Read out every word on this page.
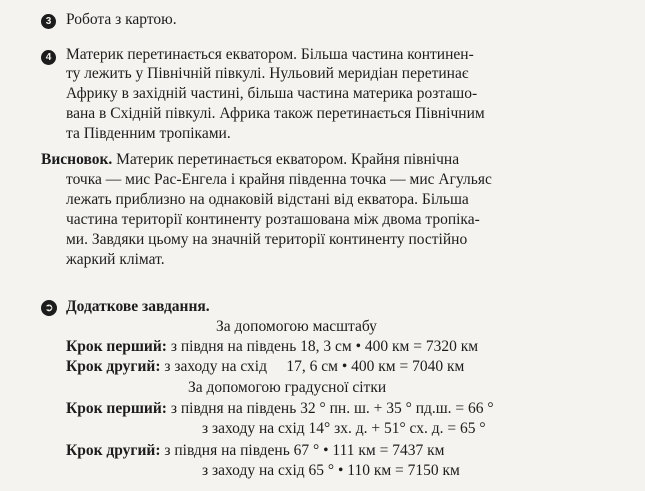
3 Робота з картою.
4 Материк перетинається екватором. Більша частина континен-
ту лежить у Північній півкулі. Нульовий меридіан перетинає
Африку в західній частині, більша частина материка розташо-
вана в Східній півкулі. Африка також перетинається Північним
та Південним тропіками.
Висновок. Материк перетинається екватором. Крайня північна
точка — мис Рас-Енгела і крайня південна точка — мис Агульяс
лежать приблизно на однаковій відстані від екватора. Більша
частина території континенту розташована між двома тропіка-
ми. Завдяки цьому на значній території континенту постійно
жаркий клімат.
➲ Додаткове завдання.
За допомогою масштабу
Крок перший: з півдня на південь 18, 3 см • 400 км = 7320 км
Крок другий: з заходу на схід     17, 6 см • 400 км = 7040 км
За допомогою градусної сітки
Крок перший: з півдня на південь 32 ° пн. ш. + 35 ° пд.ш. = 66 °
з заходу на схід 14° зх. д. + 51° сх. д. = 65 °
Крок другий: з півдня на південь 67 ° • 111 км = 7437 км
з заходу на схід 65 ° • 110 км = 7150 км
